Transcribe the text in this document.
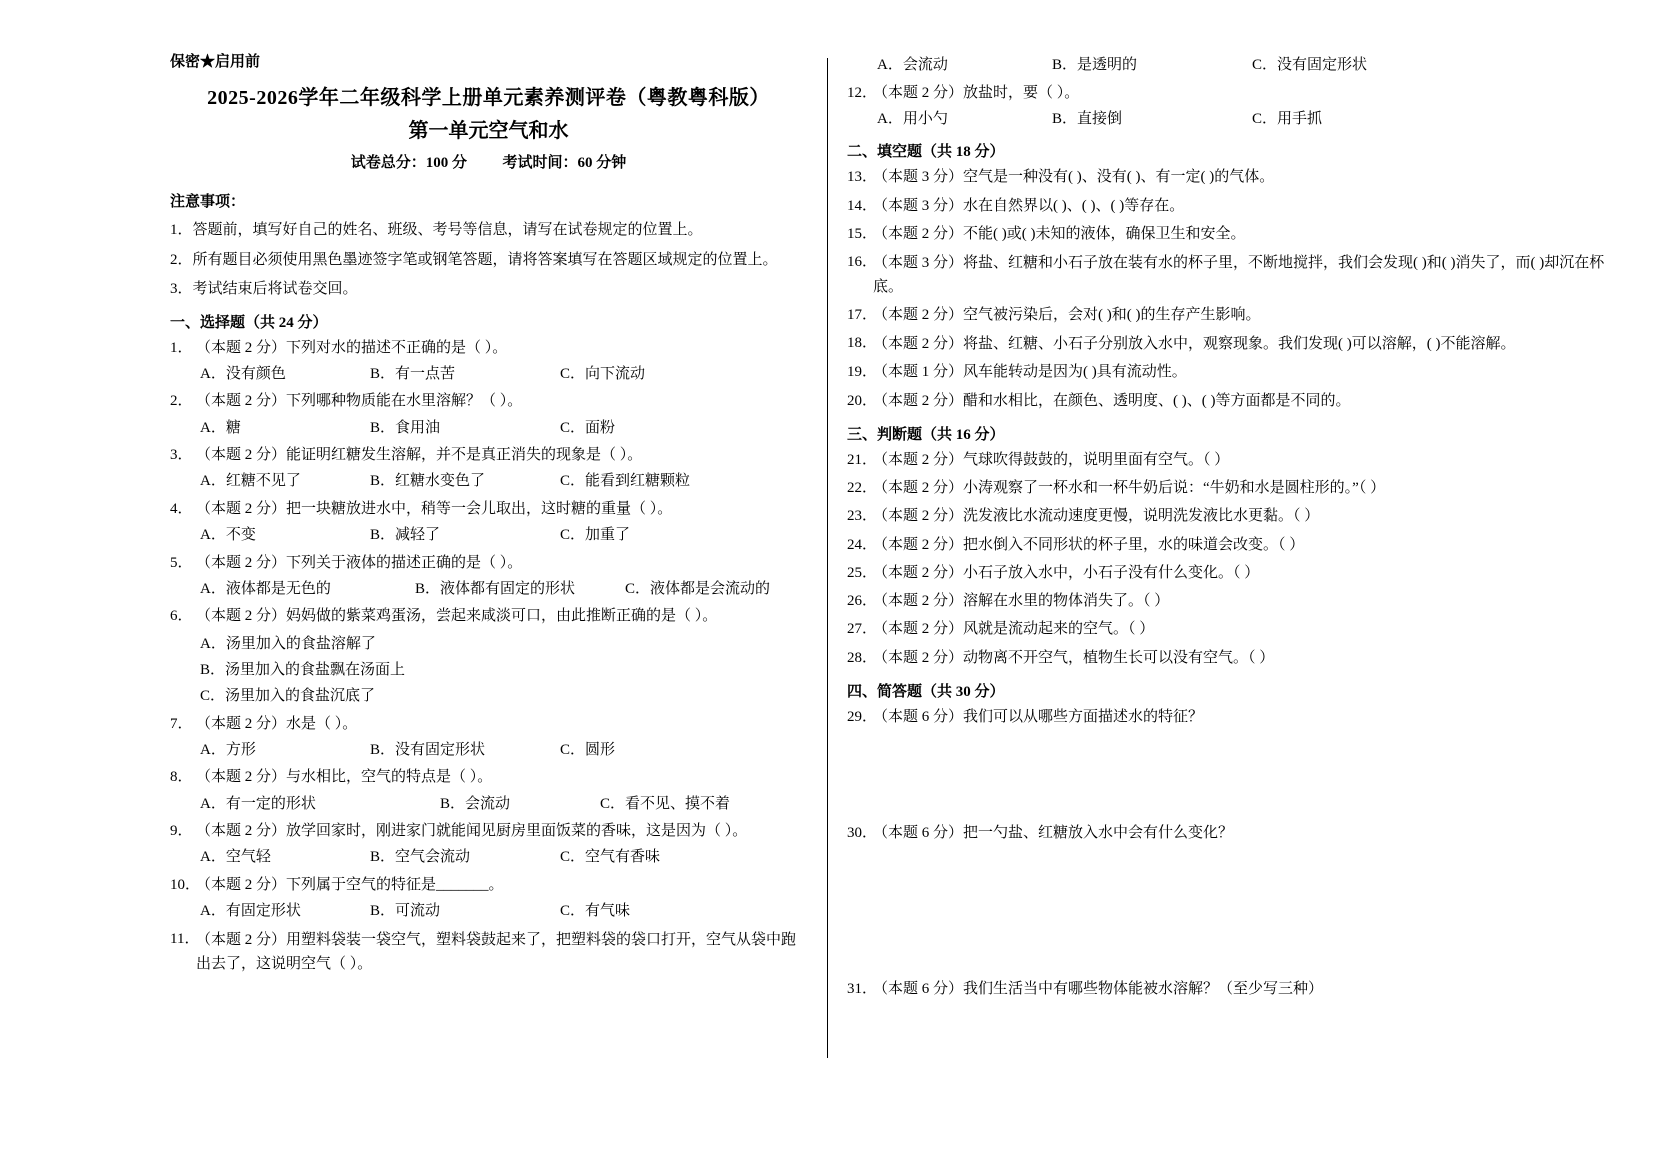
保密★启用前
2025-2026学年二年级科学上册单元素养测评卷（粤教粤科版）
第一单元空气和水
试卷总分：100 分 考试时间：60 分钟
注意事项：
1．答题前，填写好自己的姓名、班级、考号等信息，请写在试卷规定的位置上。
2．所有题目必须使用黑色墨迹签字笔或钢笔答题，请将答案填写在答题区域规定的位置上。
3．考试结束后将试卷交回。
一、选择题（共 24 分）
1． （本题 2 分）下列对水的描述不正确的是（ ）。
A．没有颜色	B．有一点苦	C．向下流动
2． （本题 2 分）下列哪种物质能在水里溶解？（ ）。
A．糖	B．食用油	C．面粉
3． （本题 2 分）能证明红糖发生溶解，并不是真正消失的现象是（ ）。
A．红糖不见了	B．红糖水变色了	C．能看到红糖颗粒
4． （本题 2 分）把一块糖放进水中，稍等一会儿取出，这时糖的重量（ ）。
A．不变	B．减轻了	C．加重了
5． （本题 2 分）下列关于液体的描述正确的是（ ）。
A．液体都是无色的	B．液体都有固定的形状	C．液体都是会流动的
6． （本题 2 分）妈妈做的紫菜鸡蛋汤，尝起来咸淡可口，由此推断正确的是（ ）。
A．汤里加入的食盐溶解了
B．汤里加入的食盐飘在汤面上
C．汤里加入的食盐沉底了
7． （本题 2 分）水是（ ）。
A．方形	B．没有固定形状	C．圆形
8． （本题 2 分）与水相比，空气的特点是（ ）。
A．有一定的形状	B．会流动	C．看不见、摸不着
9． （本题 2 分）放学回家时，刚进家门就能闻见厨房里面饭菜的香味，这是因为（ ）。
A．空气轻	B．空气会流动	C．空气有香味
10．
（本题 2 分）下列属于空气的特征是_______。
A．有固定形状	B．可流动	C．有气味
11．
（本题 2 分）用塑料袋装一袋空气，塑料袋鼓起来了，把塑料袋的袋口打开，空气从袋中跑出去了，这说明空气（ ）。
A．会流动	B．是透明的	C．没有固定形状
12．
（本题 2 分）放盐时，要（ ）。
A．用小勺	B．直接倒	C．用手抓
二、填空题（共 18 分）
13．
（本题 3 分）空气是一种没有( )、没有( )、有一定( )的气体。
14．
（本题 3 分）水在自然界以( )、( )、( )等存在。
15．
（本题 2 分）不能( )或( )未知的液体，确保卫生和安全。
16．
（本题 3 分）将盐、红糖和小石子放在装有水的杯子里，不断地搅拌，我们会发现( )和( )消失了，而( )却沉在杯底。
17．
（本题 2 分）空气被污染后，会对( )和( )的生存产生影响。
18．
（本题 2 分）将盐、红糖、小石子分别放入水中，观察现象。我们发现( )可以溶解，( )不能溶解。
19．
（本题 1 分）风车能转动是因为( )具有流动性。
20．
（本题 2 分）醋和水相比，在颜色、透明度、( )、( )等方面都是不同的。
三、判断题（共 16 分）
21．
（本题 2 分）气球吹得鼓鼓的，说明里面有空气。（ ）
22．
（本题 2 分）小涛观察了一杯水和一杯牛奶后说：“牛奶和水是圆柱形的。”（ ）
23．
（本题 2 分）洗发液比水流动速度更慢，说明洗发液比水更黏。（ ）
24．
（本题 2 分）把水倒入不同形状的杯子里，水的味道会改变。（ ）
25．
（本题 2 分）小石子放入水中，小石子没有什么变化。（ ）
26．
（本题 2 分）溶解在水里的物体消失了。（ ）
27．
（本题 2 分）风就是流动起来的空气。（ ）
28．
（本题 2 分）动物离不开空气，植物生长可以没有空气。（ ）
四、简答题（共 30 分）
29．
（本题 6 分）我们可以从哪些方面描述水的特征？
30．
（本题 6 分）把一勺盐、红糖放入水中会有什么变化？
31．
（本题 6 分）我们生活当中有哪些物体能被水溶解？（至少写三种）
